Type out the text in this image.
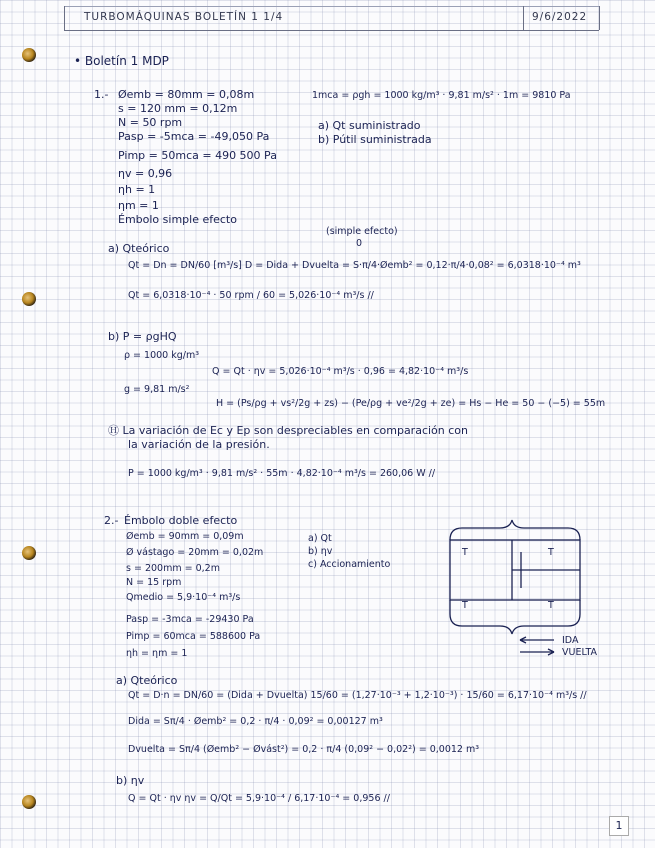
TURBOMÁQUINAS BOLETÍN 1 1/4	9/6/2022
• Boletín 1 MDP
1.- Øemb = 80mm = 0,08m
s = 120 mm = 0,12m
N = 50 rpm
Pasp = -5mca = -49,050 Pa
Pimp = 50mca = 490 500 Pa
ηv = 0,96
ηh = 1
ηm = 1
Émbolo simple efecto
1mca = ρgh = 1000 kg/m³ · 9,81 m/s² · 1m = 9810 Pa
a) Qt suministrado
b) Pútil suministrada
(simple efecto)
0
a) Qteórico
Qt = Dn = DN/60 [m³/s] D = Dida + Dvuelta = S·π/4·Øemb² = 0,12·π/4·0,08² = 6,0318·10⁻⁴ m³
Qt = 6,0318·10⁻⁴ · 50 rpm / 60 = 5,026·10⁻⁴ m³/s //
b) P = ρgHQ
ρ = 1000 kg/m³
Q = Qt · ηv = 5,026·10⁻⁴ m³/s · 0,96 = 4,82·10⁻⁴ m³/s
g = 9,81 m/s²
H = (Ps/ρg + vs²/2g + zs) − (Pe/ρg + ve²/2g + ze) = Hs − He = 50 − (−5) = 55m
Ⓗ La variación de Ec y Ep son despreciables en comparación con
la variación de la presión.
P = 1000 kg/m³ · 9,81 m/s² · 55m · 4,82·10⁻⁴ m³/s = 260,06 W //
2.- Émbolo doble efecto
Øemb = 90mm = 0,09m
Ø vástago = 20mm = 0,02m
s = 200mm = 0,2m
N = 15 rpm
Qmedio = 5,9·10⁻⁴ m³/s
a) Qt
b) ηv
c) Accionamiento
Pasp = -3mca = -29430 Pa
Pimp = 60mca = 588600 Pa
ηh = ηm = 1
T	T
T	T
IDA
VUELTA
a) Qteórico
Qt = D·n = DN/60 = (Dida + Dvuelta) 15/60 = (1,27·10⁻³ + 1,2·10⁻³) · 15/60 = 6,17·10⁻⁴ m³/s //
Dida = Sπ/4 · Øemb² = 0,2 · π/4 · 0,09² = 0,00127 m³
Dvuelta = Sπ/4 (Øemb² − Øvást²) = 0,2 · π/4 (0,09² − 0,02²) = 0,0012 m³
b) ηv
Q = Qt · ηv ηv = Q/Qt = 5,9·10⁻⁴ / 6,17·10⁻⁴ = 0,956 //
1
